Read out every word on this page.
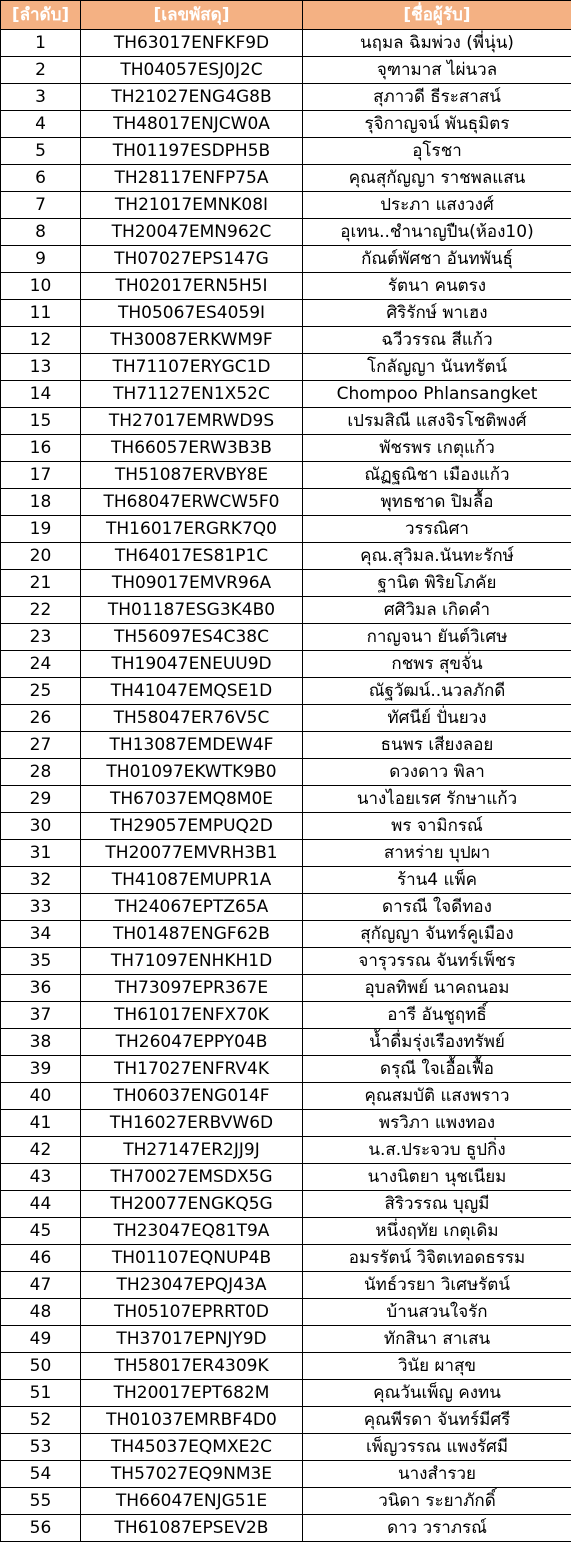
[ลำดับ]	[เลขพัสดุ]	[ชื่อผู้รับ]
1	TH63017ENFKF9D	นฤมล ฉิมพ่วง (พี่นุ่น)
2	TH04057ESJ0J2C	จุฑามาส ไผ่นวล
3	TH21027ENG4G8B	สุภาวดี ธีระสาสน์
4	TH48017ENJCW0A	รุจิกาญจน์ พันธุมิตร
5	TH01197ESDPH5B	อุโรชา
6	TH28117ENFP75A	คุณสุกัญญา ราชพลแสน
7	TH21017EMNK08I	ประภา แสงวงศ์
8	TH20047EMN962C	อุเทน..ชำนาญปืน(ห้อง10)
9	TH07027EPS147G	กัณต์พัศชา อันทพันธุ์
10	TH02017ERN5H5I	รัตนา คนตรง
11	TH05067ES4059I	ศิริรักษ์ พาเฮง
12	TH30087ERKWM9F	ฉวีวรรณ สีแก้ว
13	TH71107ERYGC1D	โกลัญญา นันทรัตน์
14	TH71127EN1X52C	Chompoo Phlansangket
15	TH27017EMRWD9S	เปรมสิณี แสงจิรโชติพงศ์
16	TH66057ERW3B3B	พัชรพร เกตุแก้ว
17	TH51087ERVBY8E	ณัฏฐณิชา เมืองแก้ว
18	TH68047ERWCW5F0	พุทธชาด ปิมลื้อ
19	TH16017ERGRK7Q0	วรรณิศา
20	TH64017ES81P1C	คุณ.สุวิมล.นันทะรักษ์
21	TH09017EMVR96A	ฐานิต พิริยโภคัย
22	TH01187ESG3K4B0	ศศิวิมล เกิดคำ
23	TH56097ES4C38C	กาญจนา ยันต์วิเศษ
24	TH19047ENEUU9D	กชพร สุขจั่น
25	TH41047EMQSE1D	ณัฐวัฒน์..นวลภักดี
26	TH58047ER76V5C	ทัศนีย์ ปั่นยวง
27	TH13087EMDEW4F	ธนพร เสียงลอย
28	TH01097EKWTK9B0	ดวงดาว พิลา
29	TH67037EMQ8M0E	นางไอยเรศ รักษาแก้ว
30	TH29057EMPUQ2D	พร จามิกรณ์
31	TH20077EMVRH3B1	สาหร่าย บุปผา
32	TH41087EMUPR1A	ร้าน4 แพ็ค
33	TH24067EPTZ65A	ดารณี ใจดีทอง
34	TH01487ENGF62B	สุกัญญา จันทร์คูเมือง
35	TH71097ENHKH1D	จารุวรรณ จันทร์เพ็ชร
36	TH73097EPR367E	อุบลทิพย์ นาคถนอม
37	TH61017ENFX70K	อารี อันชูฤทธิ์
38	TH26047EPPY04B	น้ำดื่มรุ่งเรืองทรัพย์
39	TH17027ENFRV4K	ดรุณี ใจเอื้อเฟื้อ
40	TH06037ENG014F	คุณสมบัติ แสงพราว
41	TH16027ERBVW6D	พรวิภา แพงทอง
42	TH27147ER2JJ9J	น.ส.ประจวบ ธูปกิ่ง
43	TH70027EMSDX5G	นางนิตยา นุชเนียม
44	TH20077ENGKQ5G	สิริวรรณ บุญมี
45	TH23047EQ81T9A	หนึ่งฤทัย เกตุเดิม
46	TH01107EQNUP4B	อมรรัตน์ วิจิตเทอดธรรม
47	TH23047EPQJ43A	นัทธ์วรยา วิเศษรัตน์
48	TH05107EPRRT0D	บ้านสวนใจรัก
49	TH37017EPNJY9D	ทักสินา สาเสน
50	TH58017ER4309K	วินัย ผาสุข
51	TH20017EPT682M	คุณวันเพ็ญ คงทน
52	TH01037EMRBF4D0	คุณพีรดา จันทร์มีศรี
53	TH45037EQMXE2C	เพ็ญวรรณ แพงรัศมี
54	TH57027EQ9NM3E	นางสำรวย
55	TH66047ENJG51E	วนิดา ระยาภักดิ์
56	TH61087EPSEV2B	ดาว วราภรณ์
